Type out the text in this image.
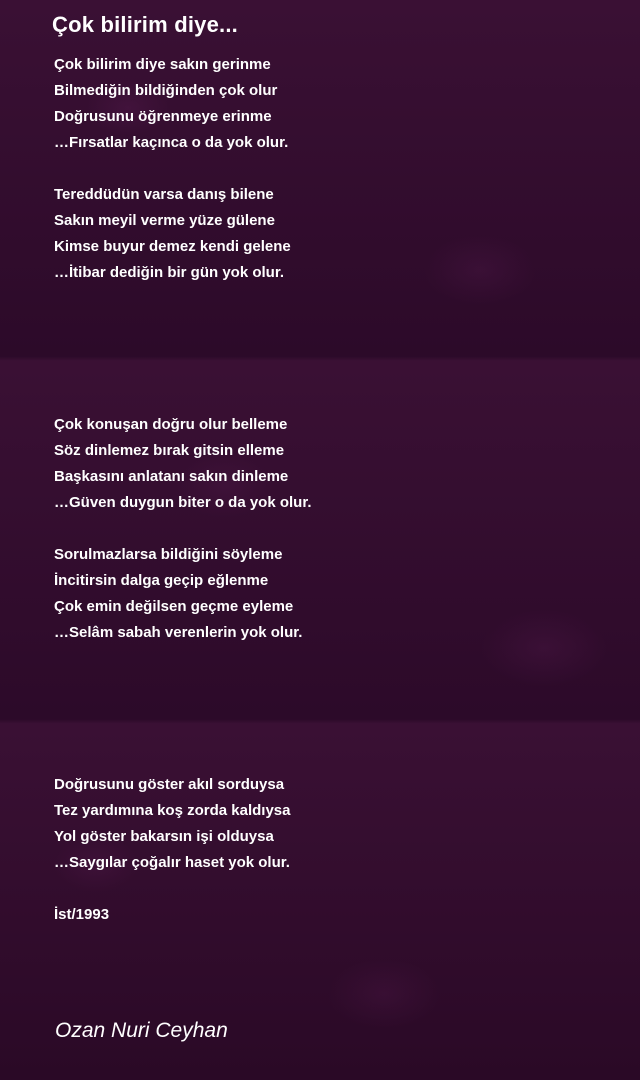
Çok bilirim diye...
Çok bilirim diye sakın gerinme
Bilmediğin bildiğinden çok olur
Doğrusunu öğrenmeye erinme
…Fırsatlar kaçınca o da yok olur.
Tereddüdün varsa danış bilene
Sakın meyil verme yüze gülene
Kimse buyur demez kendi gelene
…İtibar dediğin bir gün yok olur.
Çok konuşan doğru olur belleme
Söz dinlemez bırak gitsin elleme
Başkasını anlatanı sakın dinleme
…Güven duygun biter o da yok olur.
Sorulmazlarsa bildiğini söyleme
İncitirsin dalga geçip eğlenme
Çok emin değilsen geçme eyleme
…Selâm sabah verenlerin yok olur.
Doğrusunu göster akıl sorduysa
Tez yardımına koş zorda kaldıysa
Yol göster bakarsın işi olduysa
…Saygılar çoğalır haset yok olur.
İst/1993
Ozan Nuri Ceyhan
